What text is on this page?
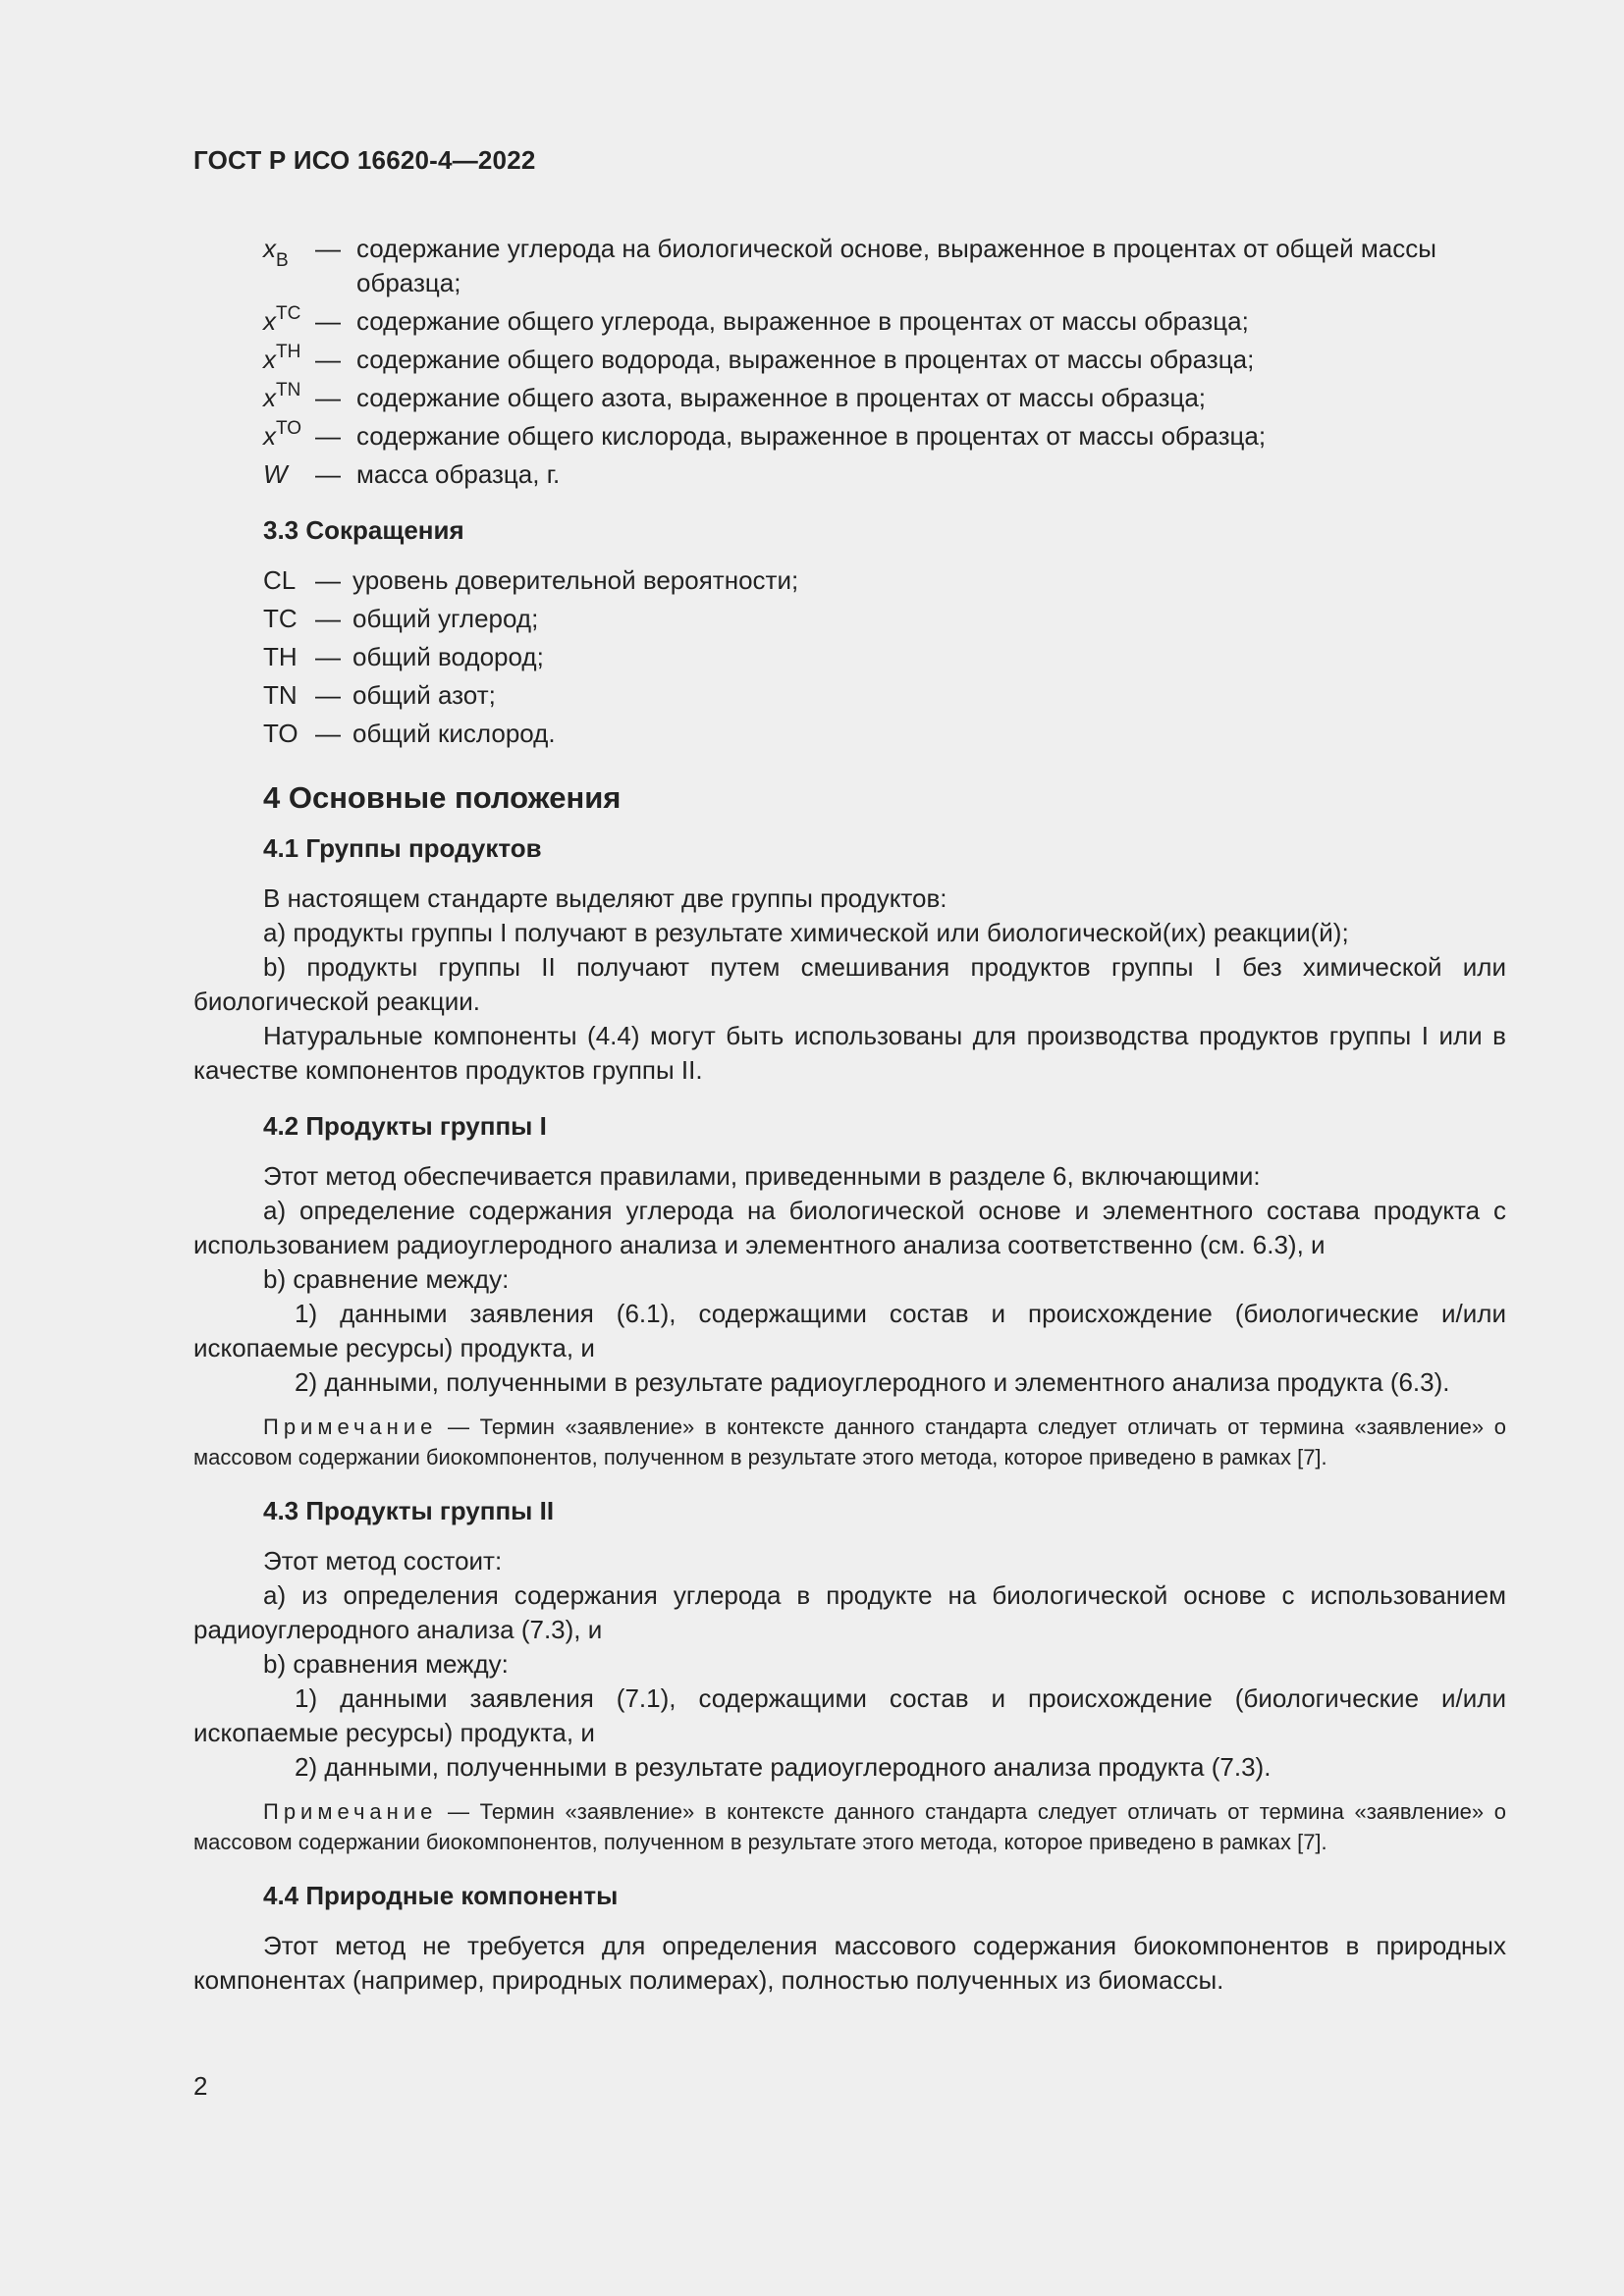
ГОСТ Р ИСО 16620-4—2022
$x_B$ — содержание углерода на биологической основе, выраженное в процентах от общей массы образца;
$x^{TC}$ — содержание общего углерода, выраженное в процентах от массы образца;
$x^{TH}$ — содержание общего водорода, выраженное в процентах от массы образца;
$x^{TN}$ — содержание общего азота, выраженное в процентах от массы образца;
$x^{TO}$ — содержание общего кислорода, выраженное в процентах от массы образца;
W — масса образца, г.
3.3 Сокращения
CL — уровень доверительной вероятности;
TC — общий углерод;
TH — общий водород;
TN — общий азот;
TO — общий кислород.
4 Основные положения
4.1 Группы продуктов

В настоящем стандарте выделяют две группы продуктов:

a) продукты группы I получают в результате химической или биологической(их) реакции(й);

b) продукты группы II получают путем смешивания продуктов группы I без химической или биологической реакции.

Натуральные компоненты (4.4) могут быть использованы для производства продуктов группы I или в качестве компонентов продуктов группы II.

4.2 Продукты группы I

Этот метод обеспечивается правилами, приведенными в разделе 6, включающими:

a) определение содержания углерода на биологической основе и элементного состава продукта с использованием радиоуглеродного анализа и элементного анализа соответственно (см. 6.3), и

b) сравнение между:

1) данными заявления (6.1), содержащими состав и происхождение (биологические и/или ископаемые ресурсы) продукта, и

2) данными, полученными в результате радиоуглеродного и элементного анализа продукта (6.3).

Примечание — Термин «заявление» в контексте данного стандарта следует отличать от термина «заявление» о массовом содержании биокомпонентов, полученном в результате этого метода, которое приведено в рамках [7].
4.3 Продукты группы II

Этот метод состоит:

a) из определения содержания углерода в продукте на биологической основе с использованием радиоуглеродного анализа (7.3), и

b) сравнения между:

1) данными заявления (7.1), содержащими состав и происхождение (биологические и/или ископаемые ресурсы) продукта, и

2) данными, полученными в результате радиоуглеродного анализа продукта (7.3).

Примечание — Термин «заявление» в контексте данного стандарта следует отличать от термина «заявление» о массовом содержании биокомпонентов, полученном в результате этого метода, которое приведено в рамках [7].
4.4 Природные компоненты

Этот метод не требуется для определения массового содержания биокомпонентов в природных компонентах (например, природных полимерах), полностью полученных из биомассы.

2
